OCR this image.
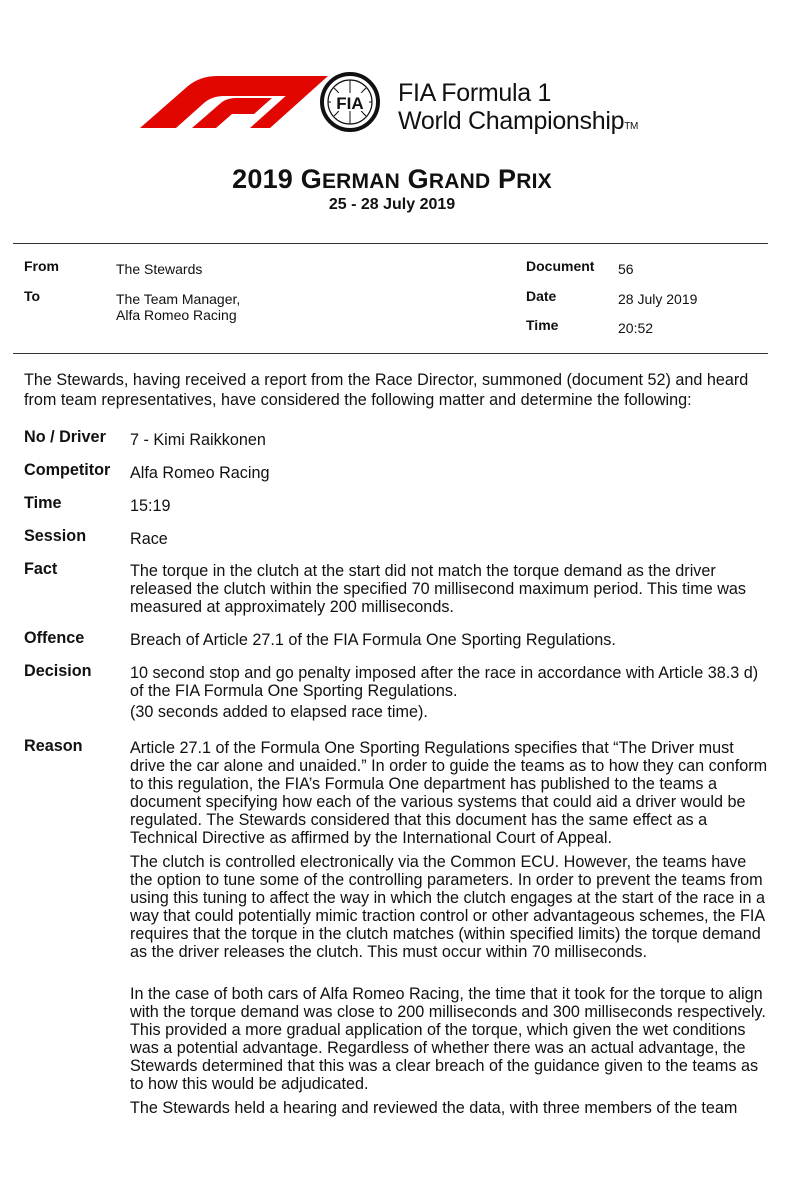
FIA FIA Formula 1
World ChampionshipTM
2019 GERMAN GRAND PRIX
25 - 28 July 2019
From	The Stewards
To	The Team Manager,
Alfa Romeo Racing
Document 56
Date	28 July 2019
Time	20:52
The Stewards, having received a report from the Race Director, summoned (document 52) and heard from team representatives, have considered the following matter and determine the following:
No / Driver 7 - Kimi Raikkonen
Competitor Alfa Romeo Racing
Time	15:19
Session	Race
Fact	The torque in the clutch at the start did not match the torque demand as the driver released the clutch within the specified 70 millisecond maximum period. This time was measured at approximately 200 milliseconds.
Offence	Breach of Article 27.1 of the FIA Formula One Sporting Regulations.
Decision 10 second stop and go penalty imposed after the race in accordance with Article 38.3 d) of the FIA Formula One Sporting Regulations.

(30 seconds added to elapsed race time).

Reason	Article 27.1 of the Formula One Sporting Regulations specifies that “The Driver must drive the car alone and unaided.” In order to guide the teams as to how they can conform to this regulation, the FIA’s Formula One department has published to the teams a document specifying how each of the various systems that could aid a driver would be regulated. The Stewards considered that this document has the same effect as a Technical Directive as affirmed by the International Court of Appeal.

The clutch is controlled electronically via the Common ECU. However, the teams have the option to tune some of the controlling parameters. In order to prevent the teams from using this tuning to affect the way in which the clutch engages at the start of the race in a way that could potentially mimic traction control or other advantageous schemes, the FIA requires that the torque in the clutch matches (within specified limits) the torque demand as the driver releases the clutch. This must occur within 70 milliseconds.

In the case of both cars of Alfa Romeo Racing, the time that it took for the torque to align with the torque demand was close to 200 milliseconds and 300 milliseconds respectively. This provided a more gradual application of the torque, which given the wet conditions was a potential advantage. Regardless of whether there was an actual advantage, the Stewards determined that this was a clear breach of the guidance given to the teams as to how this would be adjudicated.

The Stewards held a hearing and reviewed the data, with three members of the team
